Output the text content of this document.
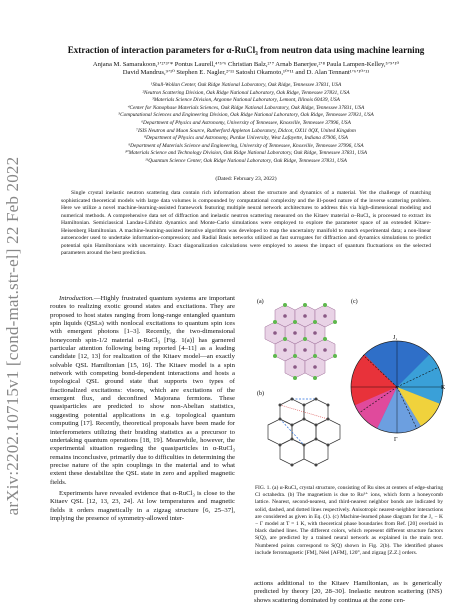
arXiv:2202.10715v1 [cond-mat.str-el] 22 Feb 2022
Extraction of interaction parameters for α-RuCl₃ from neutron data using machine learning
Anjana M. Samarakoon,¹ʼ²ʼ³ʼ* Pontus Laurell,⁴ʼ⁵ʼ⁶ Christian Balz,²ʼ⁷ Arnab Banerjee,²ʼ⁸ Paula Lampen-Kelley,⁵ʼ⁹ʼ¹⁰
David Mandrus,⁹ʼ¹⁰ Stephen E. Nagler,²ʼ¹¹ Satoshi Okamoto,¹⁰ʼ¹¹ and D. Alan Tennant¹ʼ⁶ʼ¹⁰ʼ¹¹
¹Shull-Wollan Center, Oak Ridge National Laboratory, Oak Ridge, Tennessee 37831, USA
²Neutron Scattering Division, Oak Ridge National Laboratory, Oak Ridge, Tennessee 37831, USA
³Materials Science Division, Argonne National Laboratory, Lemont, Illinois 60439, USA
⁴Center for Nanophase Materials Sciences, Oak Ridge National Laboratory, Oak Ridge, Tennessee 37831, USA
⁵Computational Sciences and Engineering Division, Oak Ridge National Laboratory, Oak Ridge, Tennessee 37831, USA
⁶Department of Physics and Astronomy, University of Tennessee, Knoxville, Tennessee 37996, USA
⁷ISIS Neutron and Muon Source, Rutherford Appleton Laboratory, Didcot, OX11 0QX, United Kingdom
⁸Department of Physics and Astronomy, Purdue University, West Lafayette, Indiana 47906, USA
⁹Department of Materials Science and Engineering, University of Tennessee, Knoxville, Tennessee 37996, USA
¹⁰Materials Science and Technology Division, Oak Ridge National Laboratory, Oak Ridge, Tennessee 37831, USA
¹¹Quantum Science Center, Oak Ridge National Laboratory, Oak Ridge, Tennessee 37831, USA
(Dated: February 23, 2022)
Single crystal inelastic neutron scattering data contain rich information about the structure and dynamics of a material. Yet the challenge of matching sophisticated theoretical models with large data volumes is compounded by computational complexity and the ill-posed nature of the inverse scattering problem. Here we utilize a novel machine-learning-assisted framework featuring multiple neural network architectures to address this via high-dimensional modeling and numerical methods. A comprehensive data set of diffraction and inelastic neutron scattering measured on the Kitaev material α–RuCl₃ is processed to extract its Hamiltonian. Semiclassical Landau-Lifshitz dynamics and Monte-Carlo simulations were employed to explore the parameter space of an extended Kitaev-Heisenberg Hamiltonian. A machine-learning-assisted iterative algorithm was developed to map the uncertainty manifold to match experimental data; a non-linear autoencoder used to undertake information-compression; and Radial Basis networks utilized as fast surrogates for diffraction and dynamics simulations to predict potential spin Hamiltonians with uncertainty. Exact diagonalization calculations were employed to assess the impact of quantum fluctuations on the selected parameters around the best prediction.

Introduction.—Highly frustrated quantum systems are important routes to realizing exotic ground states and excitations. They are proposed to host states ranging from long-range entangled quantum spin liquids (QSLs) with nonlocal excitations to quantum spin ices with emergent photons [1–3]. Recently, the two-dimensional honeycomb spin-1/2 material α-RuCl₃ [Fig. 1(a)] has garnered particular attention following being reported [4–11] as a leading candidate [12, 13] for realization of the Kitaev model—an exactly solvable QSL Hamiltonian [15, 16]. The Kitaev model is a spin network with competing bond-dependent interactions and hosts a topological QSL ground state that supports two types of fractionalized excitations: visons, which are excitations of the emergent flux, and deconfined Majorana fermions. These quasiparticles are predicted to show non-Abelian statistics, suggesting potential applications in e.g. topological quantum computing [17]. Recently, theoretical proposals have been made for interferometers utilizing their braiding statistics as a precursor to undertaking quantum operations [18, 19]. Meanwhile, however, the experimental situation regarding the quasiparticles in α-RuCl₃ remains inconclusive, primarily due to difficulties in determining the precise nature of the spin couplings in the material and to what extent these destabilize the QSL state in zero and applied magnetic fields.

Experiments have revealed evidence that α-RuCl₃ is close to the Kitaev QSL [12, 13, 23, 24]. At low temperatures and magnetic fields it orders magnetically in a zigzag structure [6, 25–37], implying the presence of symmetry-allowed inter-

(a)
(b)
(c)
K
J₁
Γ
FIG. 1. (a) α-RuCl₃ crystal structure, consisting of Ru sites at centers of edge-sharing Cl octahedra. (b) The magnetism is due to Ru³⁺ ions, which form a honeycomb lattice. Nearest, second-nearest, and third-nearest neighbor bonds are indicated by solid, dashed, and dotted lines respectively. Anisotropic nearest-neighbor interactions are considered as given in Eq. (1). (c) Machine-learned phase diagram for the J₁ − K − Γ model at T = 1 K, with theoretical phase boundaries from Ref. [20] overlaid in black dashed lines. The different colors, which represent different structure factors S(Q), are predicted by a trained neural network as explained in the main text. Numbered points correspond to S(Q) shown in Fig. 2(b). The identified phases include ferromagnetic [FM], Néel [AFM], 120°, and zigzag [Z.Z.] orders.

actions additional to the Kitaev Hamiltonian, as is generically predicted by theory [20, 28–30]. Inelastic neutron scattering (INS) shows scattering dominated by continua at the zone cen-
